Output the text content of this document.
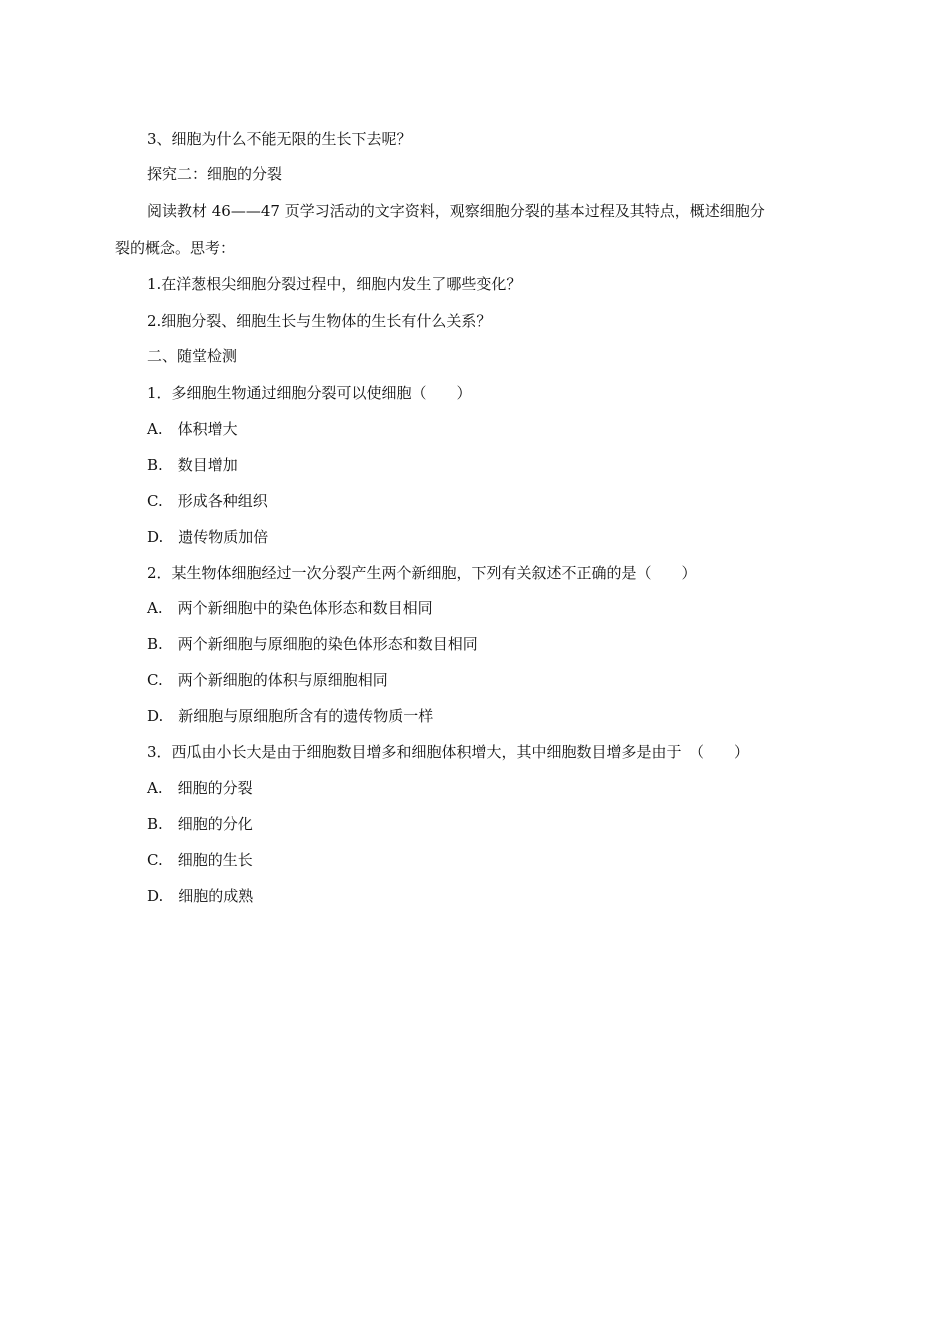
3、细胞为什么不能无限的生长下去呢？
探究二：细胞的分裂
阅读教材 46——47 页学习活动的文字资料，观察细胞分裂的基本过程及其特点，概述细胞分
裂的概念。思考：
1.在洋葱根尖细胞分裂过程中，细胞内发生了哪些变化？
2.细胞分裂、细胞生长与生物体的生长有什么关系？
二、随堂检测
1．多细胞生物通过细胞分裂可以使细胞（　　）
A.　体积增大
B.　数目增加
C.　形成各种组织
D.　遗传物质加倍
2．某生物体细胞经过一次分裂产生两个新细胞，下列有关叙述不正确的是（　　）
A.　两个新细胞中的染色体形态和数目相同
B.　两个新细胞与原细胞的染色体形态和数目相同
C.　两个新细胞的体积与原细胞相同
D.　新细胞与原细胞所含有的遗传物质一样
3．西瓜由小长大是由于细胞数目增多和细胞体积增大，其中细胞数目增多是由于　（　　）
A.　细胞的分裂
B.　细胞的分化
C.　细胞的生长
D.　细胞的成熟
